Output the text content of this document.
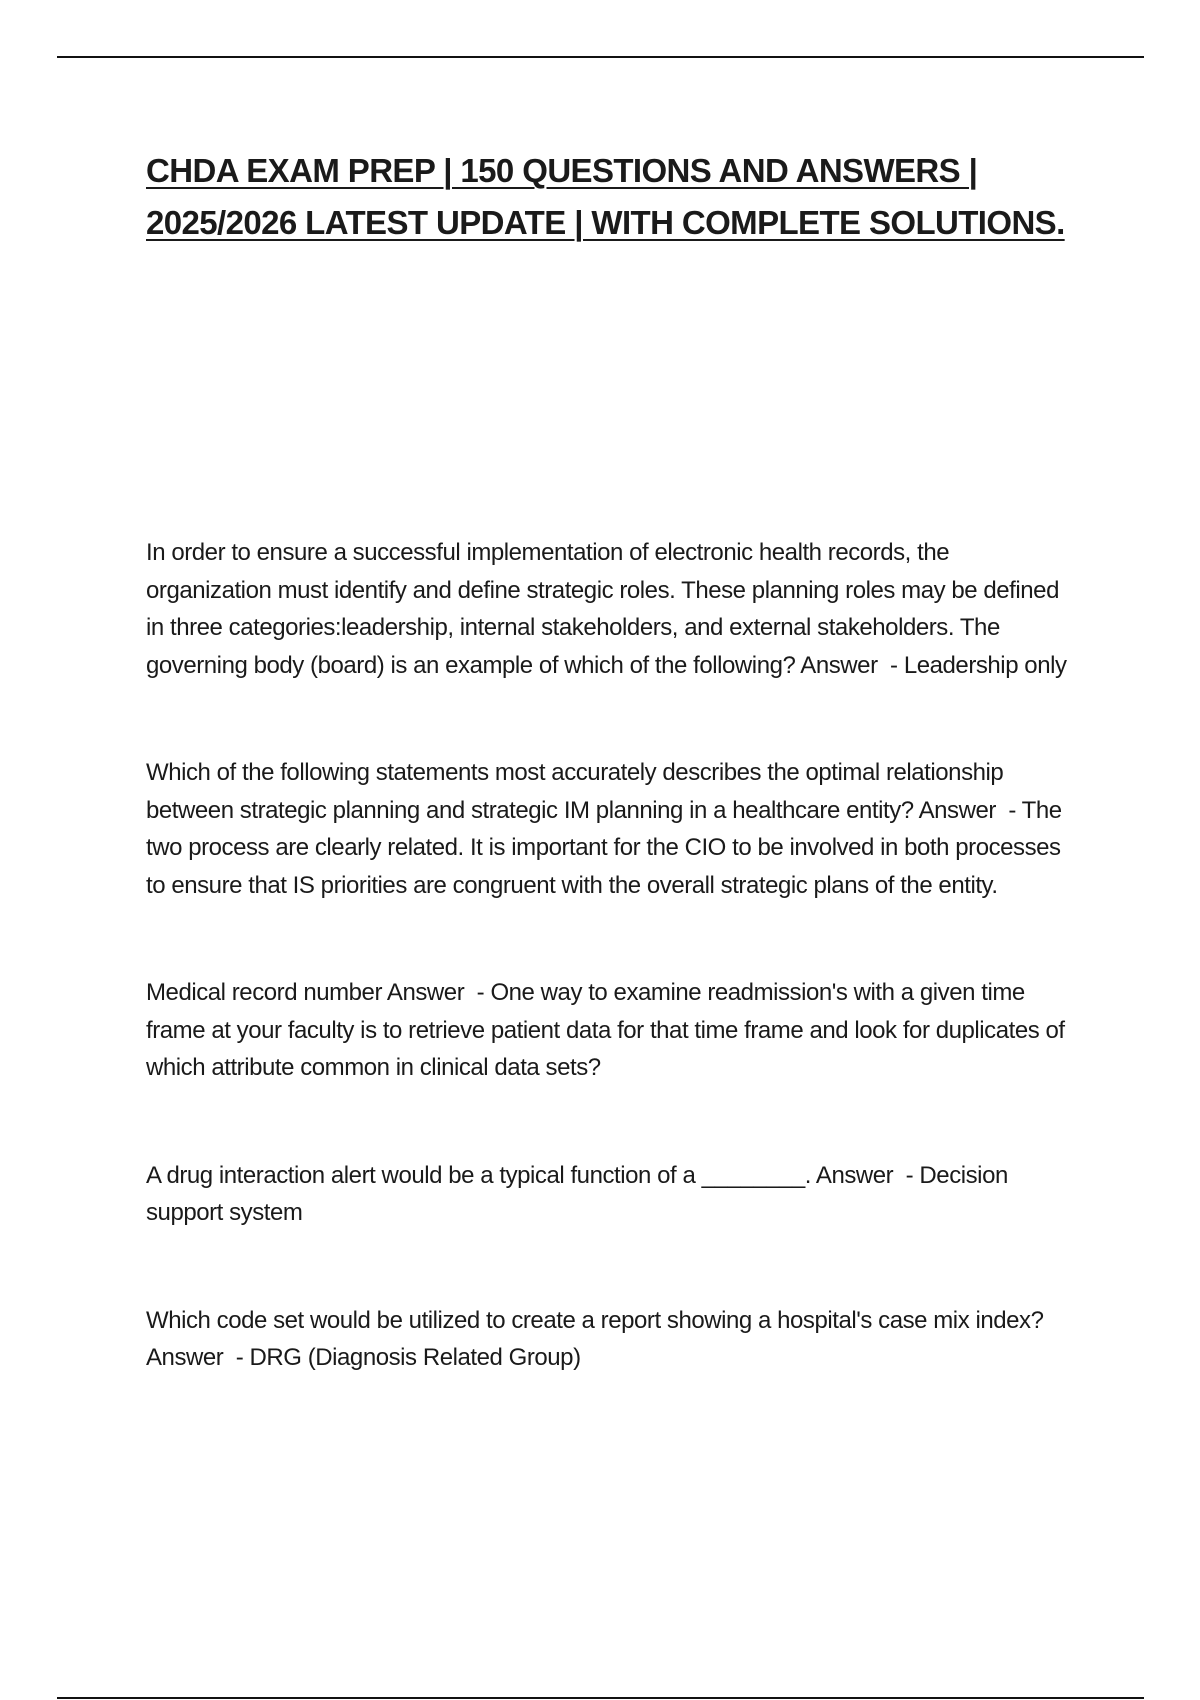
CHDA EXAM PREP | 150 QUESTIONS AND ANSWERS | 2025/2026 LATEST UPDATE | WITH COMPLETE SOLUTIONS.

In order to ensure a successful implementation of electronic health records, the organization must identify and define strategic roles. These planning roles may be defined in three categories:leadership, internal stakeholders, and external stakeholders. The governing body (board) is an example of which of the following? Answer  - Leadership only

Which of the following statements most accurately describes the optimal relationship between strategic planning and strategic IM planning in a healthcare entity? Answer  - The two process are clearly related. It is important for the CIO to be involved in both processes to ensure that IS priorities are congruent with the overall strategic plans of the entity.

Medical record number Answer  - One way to examine readmission's with a given time frame at your faculty is to retrieve patient data for that time frame and look for duplicates of which attribute common in clinical data sets?

A drug interaction alert would be a typical function of a ________. Answer  - Decision support system

Which code set would be utilized to create a report showing a hospital's case mix index? Answer  - DRG (Diagnosis Related Group)
